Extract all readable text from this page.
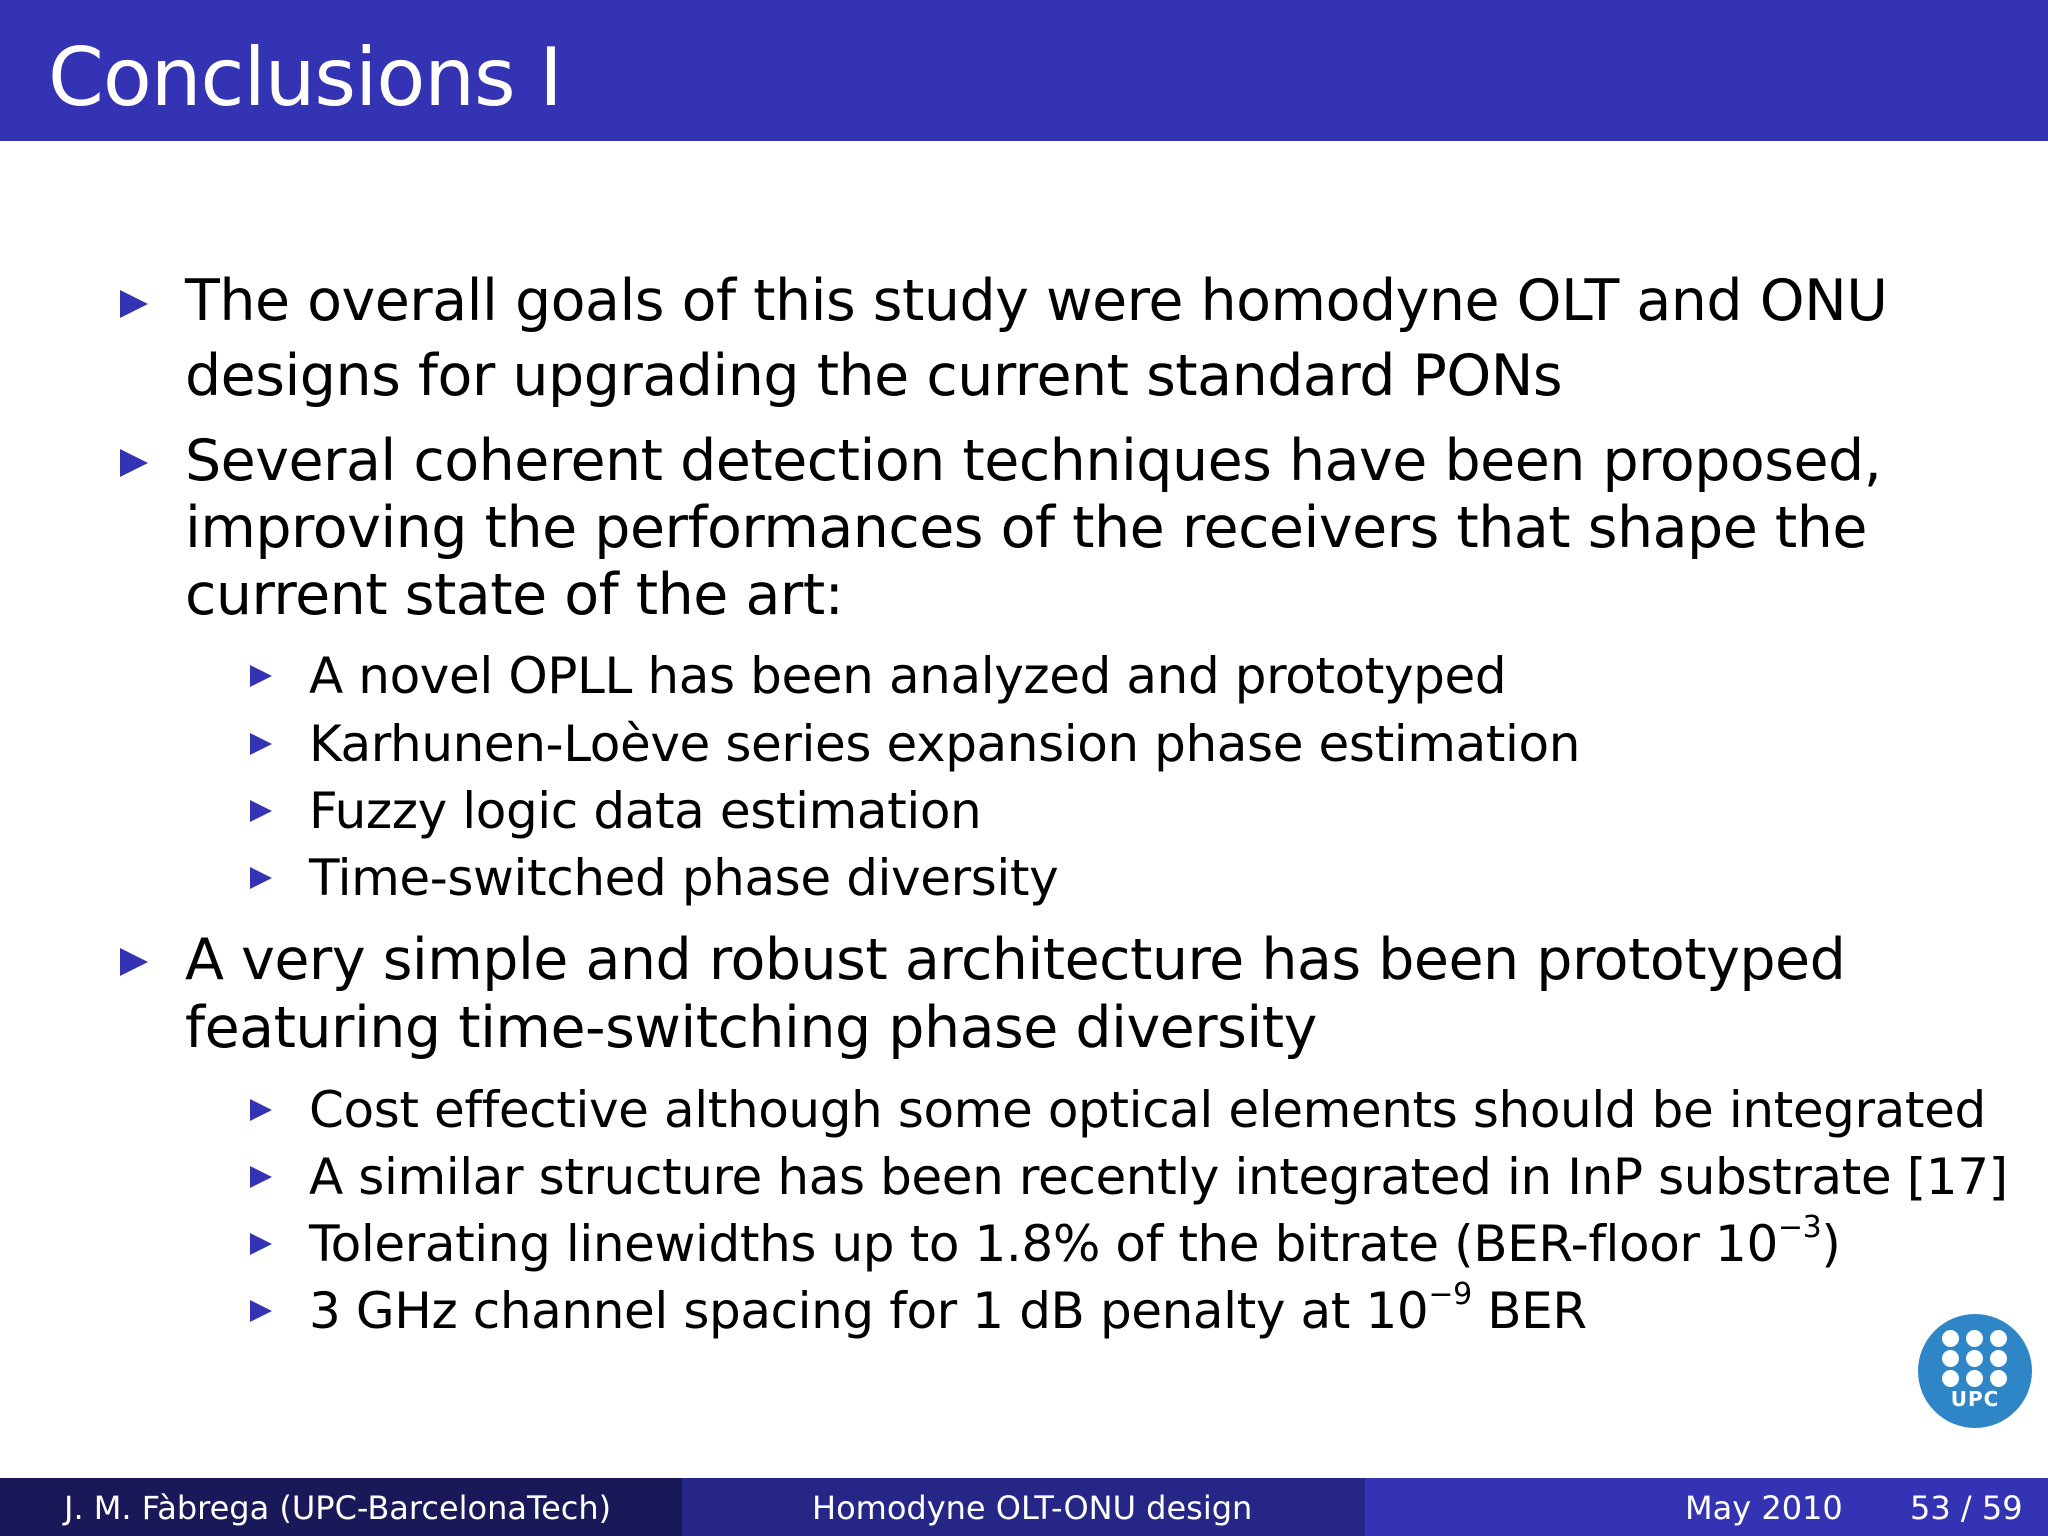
Conclusions I
The overall goals of this study were homodyne OLT and ONU
designs for upgrading the current standard PONs
Several coherent detection techniques have been proposed,
improving the performances of the receivers that shape the
current state of the art:
A novel OPLL has been analyzed and prototyped
Karhunen-Loève series expansion phase estimation
Fuzzy logic data estimation
Time-switched phase diversity
A very simple and robust architecture has been prototyped
featuring time-switching phase diversity
Cost effective although some optical elements should be integrated
A similar structure has been recently integrated in InP substrate [17]
Tolerating linewidths up to 1.8% of the bitrate (BER-floor $10^{-3}$)
3 GHz channel spacing for 1 dB penalty at $10^{-9}$ BER
UPC
J. M. Fàbrega (UPC-BarcelonaTech)	Homodyne OLT-ONU design	May 2010 53 / 59
